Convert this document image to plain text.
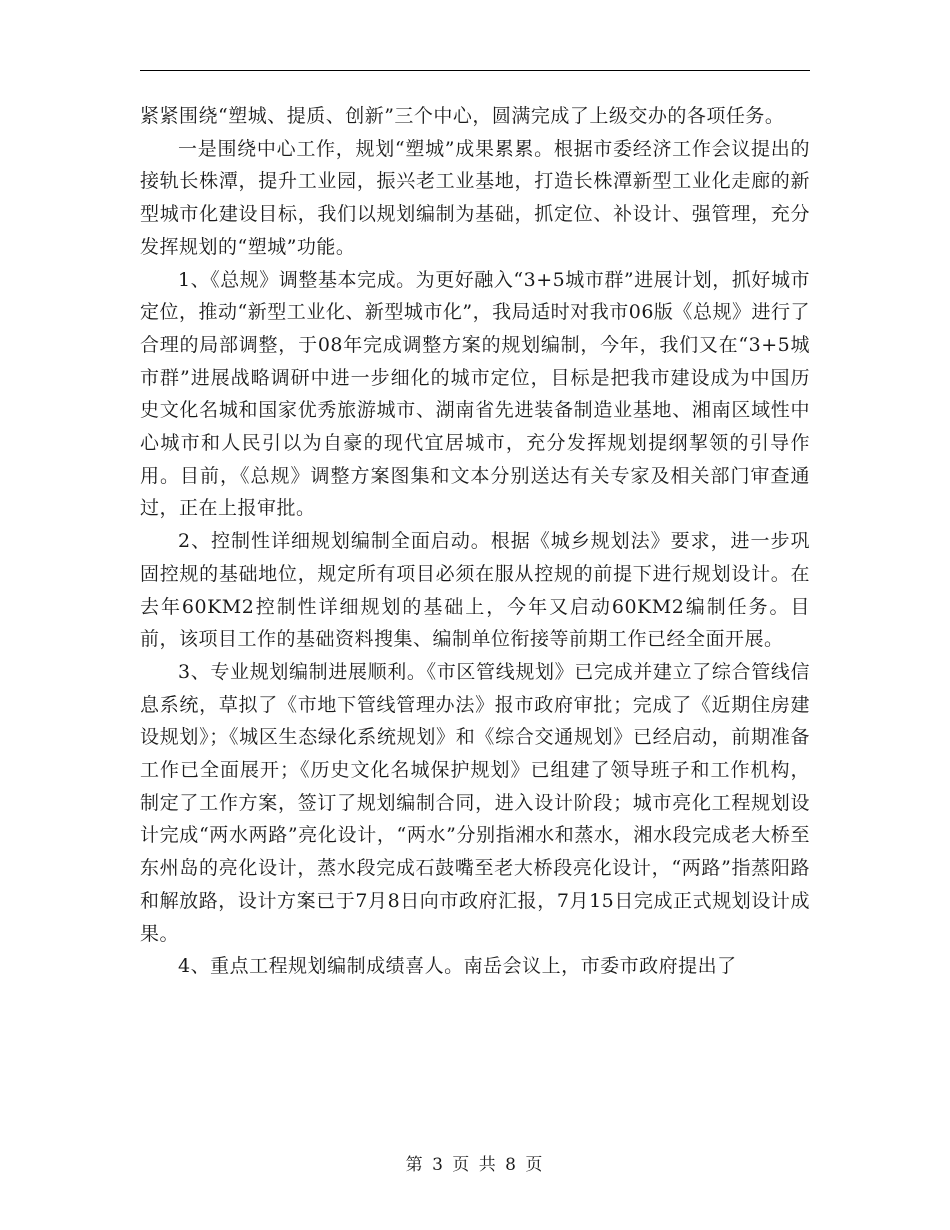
紧紧围绕“塑城、提质、创新”三个中心，圆满完成了上级交办的各项任务。

一是围绕中心工作，规划“塑城”成果累累。根据市委经济工作会议提出的接轨长株潭，提升工业园，振兴老工业基地，打造长株潭新型工业化走廊的新型城市化建设目标，我们以规划编制为基础，抓定位、补设计、强管理，充分发挥规划的“塑城”功能。

1、《总规》调整基本完成。为更好融入“3+5城市群”进展计划，抓好城市定位，推动“新型工业化、新型城市化”，我局适时对我市06版《总规》进行了合理的局部调整，于08年完成调整方案的规划编制，今年，我们又在“3+5城市群”进展战略调研中进一步细化的城市定位，目标是把我市建设成为中国历史文化名城和国家优秀旅游城市、湖南省先进装备制造业基地、湘南区域性中心城市和人民引以为自豪的现代宜居城市，充分发挥规划提纲挈领的引导作用。目前，《总规》调整方案图集和文本分别送达有关专家及相关部门审查通过，正在上报审批。

2、控制性详细规划编制全面启动。根据《城乡规划法》要求，进一步巩固控规的基础地位，规定所有项目必须在服从控规的前提下进行规划设计。在去年60KM2控制性详细规划的基础上，今年又启动60KM2编制任务。目前，该项目工作的基础资料搜集、编制单位衔接等前期工作已经全面开展。

3、专业规划编制进展顺利。《市区管线规划》已完成并建立了综合管线信息系统，草拟了《市地下管线管理办法》报市政府审批；完成了《近期住房建设规划》；《城区生态绿化系统规划》和《综合交通规划》已经启动，前期准备工作已全面展开；《历史文化名城保护规划》已组建了领导班子和工作机构，制定了工作方案，签订了规划编制合同，进入设计阶段；城市亮化工程规划设计完成“两水两路”亮化设计，“两水”分别指湘水和蒸水，湘水段完成老大桥至东州岛的亮化设计，蒸水段完成石鼓嘴至老大桥段亮化设计，“两路”指蒸阳路和解放路，设计方案已于7月8日向市政府汇报，7月15日完成正式规划设计成果。

4、重点工程规划编制成绩喜人。南岳会议上，市委市政府提出了

第 3 页 共 8 页
